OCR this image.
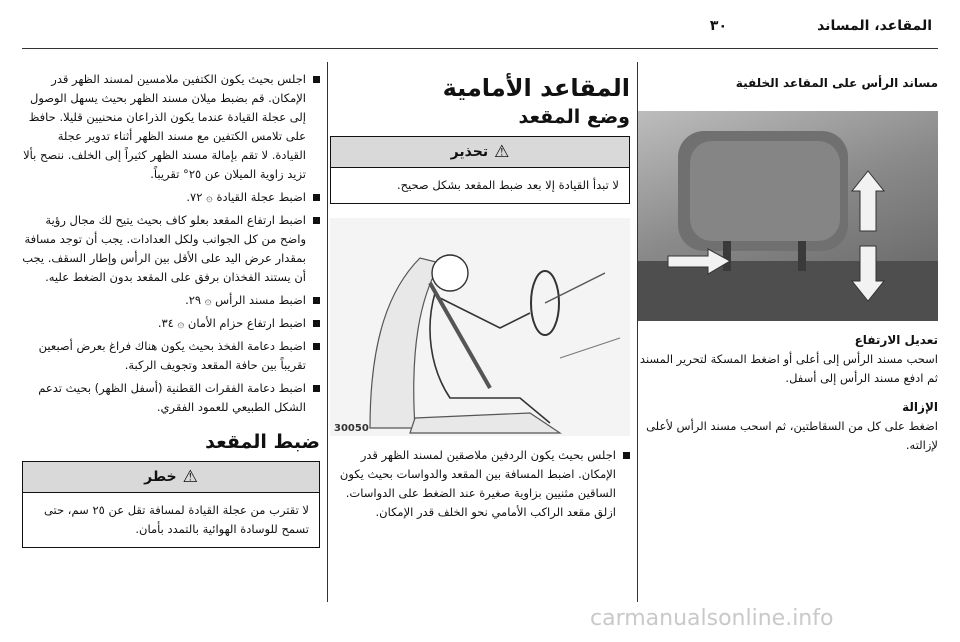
المقاعد، المساند
٣٠

مساند الرأس على المقاعد الخلفية

تعديل الارتفاع

اسحب مسند الرأس إلى أعلى أو اضغط المسكة لتحرير المسند ثم ادفع مسند الرأس إلى أسفل.

الإزالة

اضغط على كل من السقاطتين، ثم اسحب مسند الرأس لأعلى لإزالته.

المقاعد الأمامية
وضع المقعد
⚠
تحذير
لا تبدأ القيادة إلا بعد ضبط المقعد بشكل صحيح.
30050
اجلس بحيث يكون الردفين ملاصقين لمسند الظهر قدر الإمكان. اضبط المسافة بين المقعد والدواسات بحيث يكون الساقين مثنيين بزاوية صغيرة عند الضغط على الدواسات. ازلق مقعد الراكب الأمامي نحو الخلف قدر الإمكان.
اجلس بحيث يكون الكتفين ملامسين لمسند الظهر قدر الإمكان. قم بضبط ميلان مسند الظهر بحيث يسهل الوصول إلى عجلة القيادة عندما يكون الذراعان منحنيين قليلا. حافظ على تلامس الكتفين مع مسند الظهر أثناء تدوير عجلة القيادة. لا تقم بإمالة مسند الظهر كثيراً إلى الخلف. ننصح بألا تزيد زاوية الميلان عن ٢٥° تقريباً.
اضبط عجلة القيادة ۞ ٧٢.
اضبط ارتفاع المقعد بعلو كاف بحيث يتيح لك مجال رؤية واضح من كل الجوانب ولكل العدادات. يجب أن توجد مسافة بمقدار عرض اليد على الأقل بين الرأس وإطار السقف. يجب أن يستند الفخذان برفق على المقعد بدون الضغط عليه.
اضبط مسند الرأس ۞ ٢٩.
اضبط ارتفاع حزام الأمان ۞ ٣٤.
اضبط دعامة الفخذ بحيث يكون هناك فراغ بعرض أصبعين تقريباً بين حافة المقعد وتجويف الركبة.
اضبط دعامة الفقرات القطنية (أسفل الظهر) بحيث تدعم الشكل الطبيعي للعمود الفقري.
ضبط المقعد
⚠
خطر
لا تقترب من عجلة القيادة لمسافة تقل عن ٢٥ سم، حتى تسمح للوسادة الهوائية بالتمدد بأمان.
carmanualsonline.info
